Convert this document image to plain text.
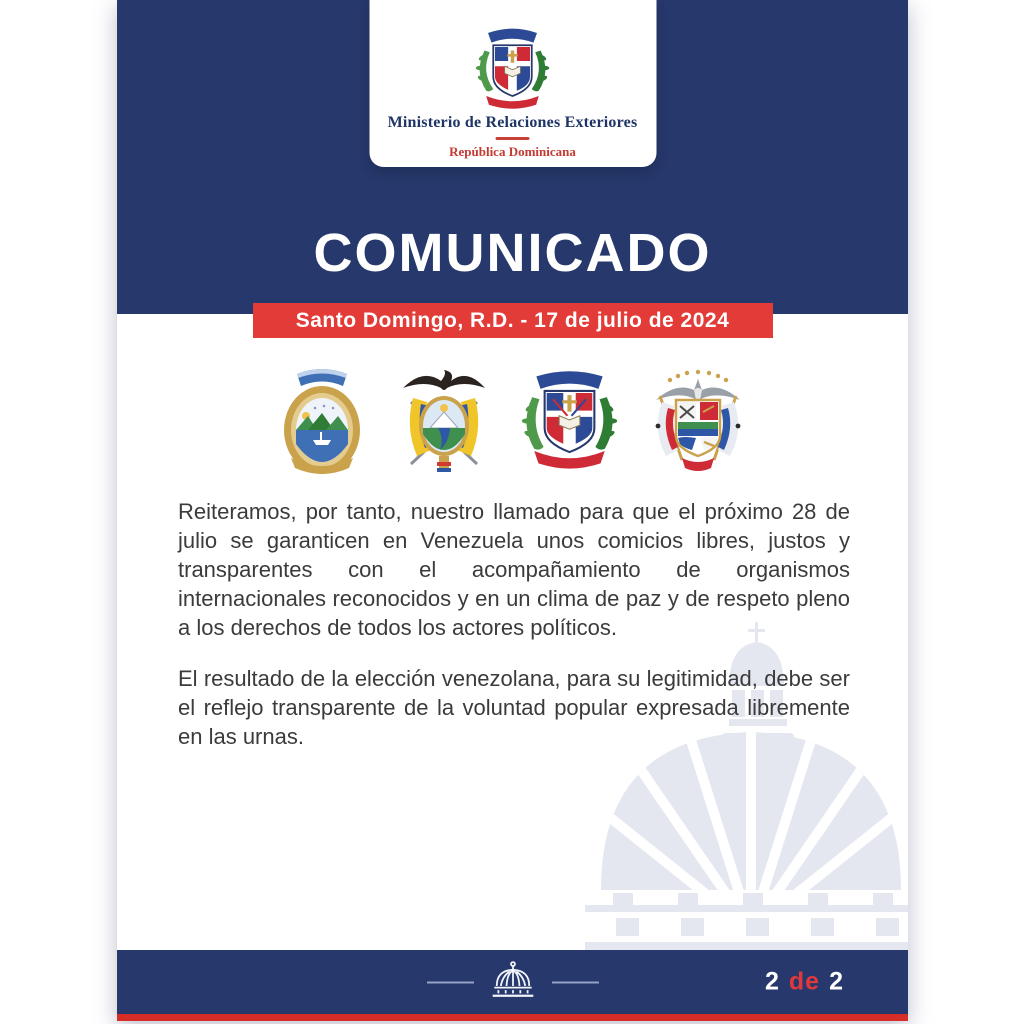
Ministerio de Relaciones Exteriores
República Dominicana
COMUNICADO
Santo Domingo, R.D. - 17 de julio de 2024

Reiteramos, por tanto, nuestro llamado para que el próximo 28 de julio se garanticen en Venezuela unos comicios libres, justos y transparentes con el acompañamiento de organismos internacionales reconocidos y en un clima de paz y de respeto pleno a los derechos de todos los actores políticos.

El resultado de la elección venezolana, para su legitimidad, debe ser el reflejo transparente de la voluntad popular expresada libremente en las urnas.

2 de 2
